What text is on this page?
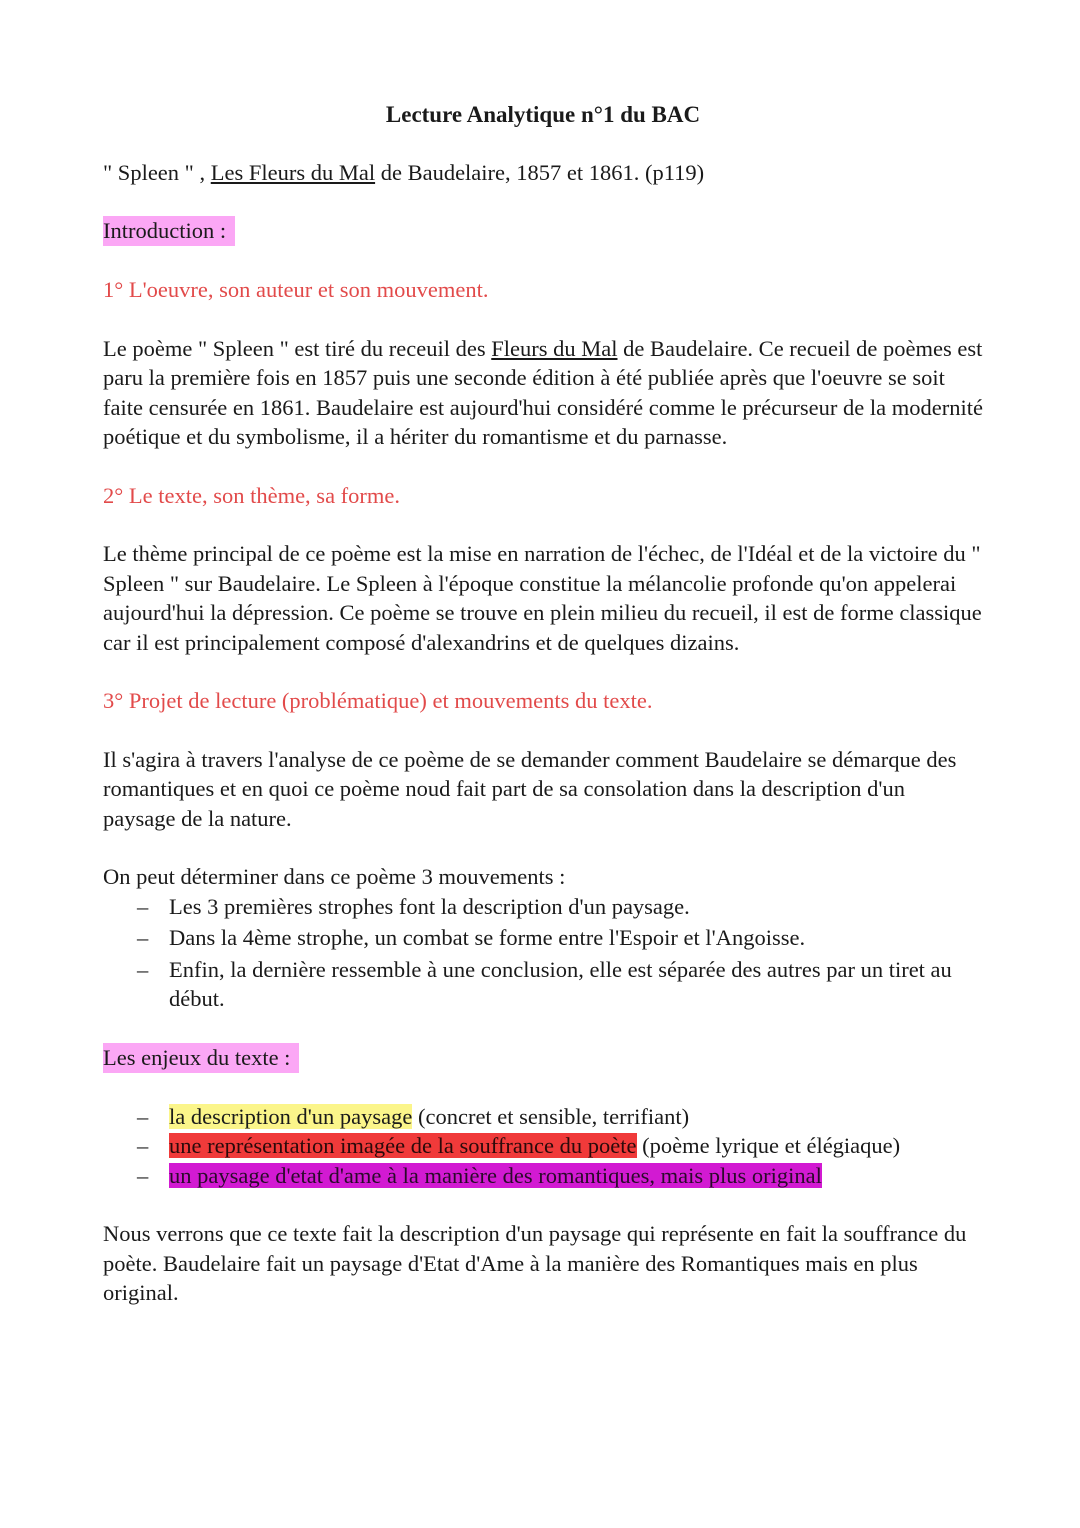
Lecture Analytique n°1 du BAC
" Spleen " , Les Fleurs du Mal de Baudelaire, 1857 et 1861. (p119)
Introduction :
1° L'oeuvre, son auteur et son mouvement.
Le poème " Spleen " est tiré du receuil des Fleurs du Mal de Baudelaire. Ce recueil de poèmes est paru la première fois en 1857 puis une seconde édition à été publiée après que l'oeuvre se soit faite censurée en 1861. Baudelaire est aujourd'hui considéré comme le précurseur de la modernité poétique et du symbolisme, il a hériter du romantisme et du parnasse.
2° Le texte, son thème, sa forme.
Le thème principal de ce poème est la mise en narration de l'échec, de l'Idéal et de la victoire du " Spleen " sur Baudelaire. Le Spleen à l'époque constitue la mélancolie profonde qu'on appelerai aujourd'hui la dépression. Ce poème se trouve en plein milieu du recueil, il est de forme classique car il est principalement composé d'alexandrins et de quelques dizains.
3° Projet de lecture (problématique) et mouvements du texte.
Il s'agira à travers l'analyse de ce poème de se demander comment Baudelaire se démarque des romantiques et en quoi ce poème noud fait part de sa consolation dans la description d'un paysage de la nature.
On peut déterminer dans ce poème 3 mouvements :
– Les 3 premières strophes font la description d'un paysage.
– Dans la 4ème strophe, un combat se forme entre l'Espoir et l'Angoisse.
– Enfin, la dernière ressemble à une conclusion, elle est séparée des autres par un tiret au début.
Les enjeux du texte :
– la description d'un paysage (concret et sensible, terrifiant)
– une représentation imagée de la souffrance du poète (poème lyrique et élégiaque)
– un paysage d'etat d'ame à la manière des romantiques, mais plus original
Nous verrons que ce texte fait la description d'un paysage qui représente en fait la souffrance du poète. Baudelaire fait un paysage d'Etat d'Ame à la manière des Romantiques mais en plus original.
